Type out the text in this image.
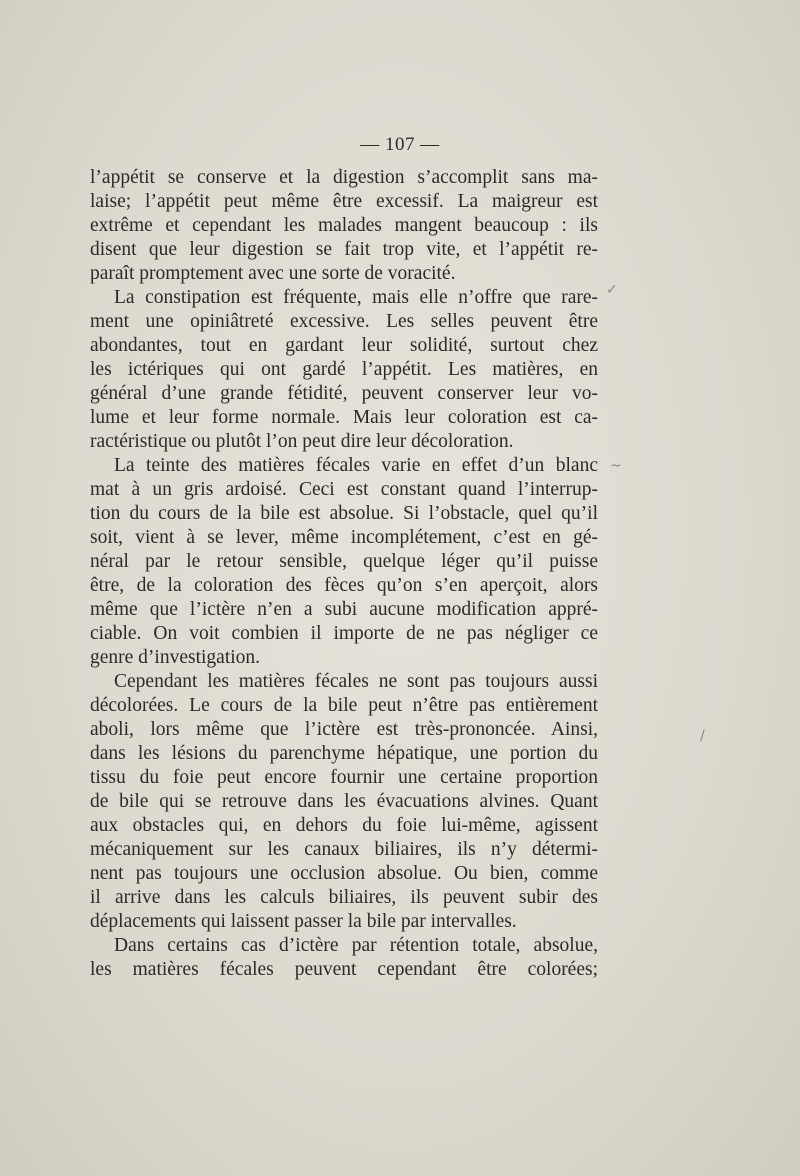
— 107 —
l’appétit se conserve et la digestion s’accomplit sans ma-
laise; l’appétit peut même être excessif. La maigreur est
extrême et cependant les malades mangent beaucoup : ils
disent que leur digestion se fait trop vite, et l’appétit re-
paraît promptement avec une sorte de voracité.
La constipation est fréquente, mais elle n’offre que rare-
ment une opiniâtreté excessive. Les selles peuvent être
abondantes, tout en gardant leur solidité, surtout chez
les ictériques qui ont gardé l’appétit. Les matières, en
général d’une grande fétidité, peuvent conserver leur vo-
lume et leur forme normale. Mais leur coloration est ca-
ractéristique ou plutôt l’on peut dire leur décoloration.
La teinte des matières fécales varie en effet d’un blanc
mat à un gris ardoisé. Ceci est constant quand l’interrup-
tion du cours de la bile est absolue. Si l’obstacle, quel qu’il
soit, vient à se lever, même incomplétement, c’est en gé-
néral par le retour sensible, quelque léger qu’il puisse
être, de la coloration des fèces qu’on s’en aperçoit, alors
même que l’ictère n’en a subi aucune modification appré-
ciable. On voit combien il importe de ne pas négliger ce
genre d’investigation.
Cependant les matières fécales ne sont pas toujours aussi
décolorées. Le cours de la bile peut n’être pas entièrement
aboli, lors même que l’ictère est très-prononcée. Ainsi,
dans les lésions du parenchyme hépatique, une portion du
tissu du foie peut encore fournir une certaine proportion
de bile qui se retrouve dans les évacuations alvines. Quant
aux obstacles qui, en dehors du foie lui-même, agissent
mécaniquement sur les canaux biliaires, ils n’y détermi-
nent pas toujours une occlusion absolue. Ou bien, comme
il arrive dans les calculs biliaires, ils peuvent subir des
déplacements qui laissent passer la bile par intervalles.
Dans certains cas d’ictère par rétention totale, absolue,
les matières fécales peuvent cependant être colorées;
✓
~
/
